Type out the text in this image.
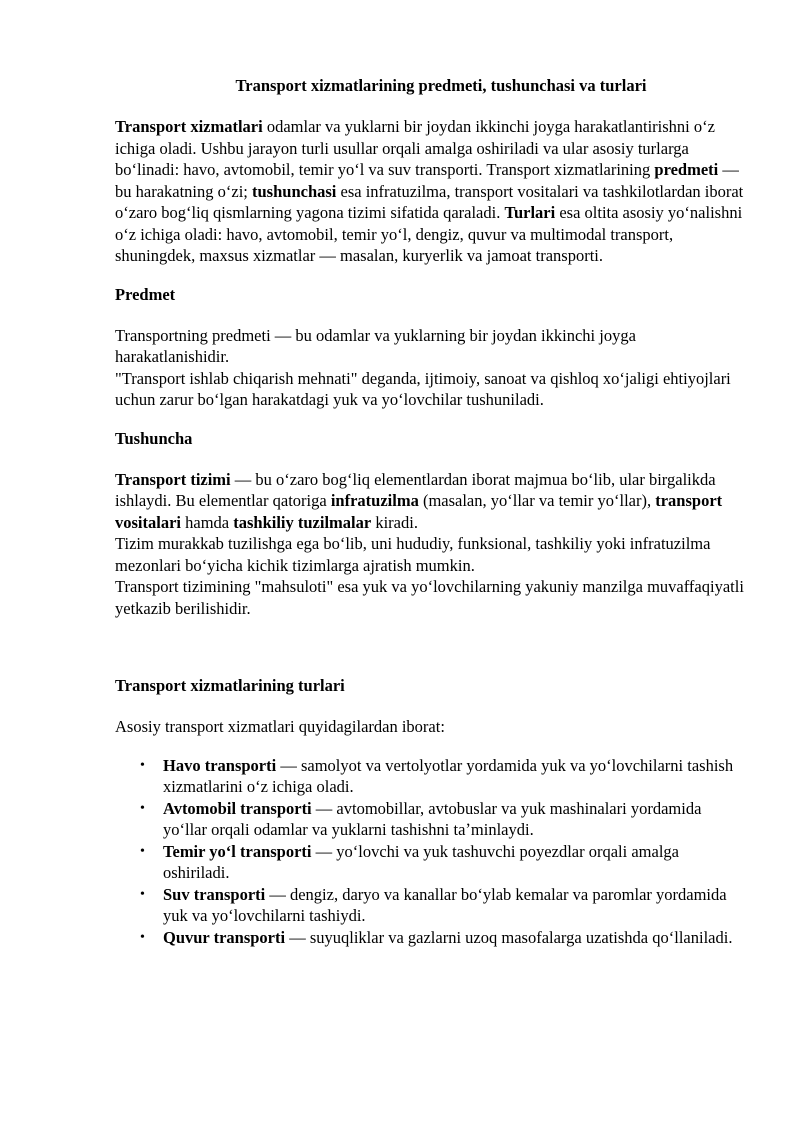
Transport xizmatlarining predmeti, tushunchasi va turlari

Transport xizmatlari odamlar va yuklarni bir joydan ikkinchi joyga harakatlantirishni oʻz ichiga oladi. Ushbu jarayon turli usullar orqali amalga oshiriladi va ular asosiy turlarga boʻlinadi: havo, avtomobil, temir yoʻl va suv transporti. Transport xizmatlarining predmeti — bu harakatning oʻzi; tushunchasi esa infratuzilma, transport vositalari va tashkilotlardan iborat oʻzaro bogʻliq qismlarning yagona tizimi sifatida qaraladi. Turlari esa oltita asosiy yoʻnalishni oʻz ichiga oladi: havo, avtomobil, temir yoʻl, dengiz, quvur va multimodal transport, shuningdek, maxsus xizmatlar — masalan, kuryerlik va jamoat transporti.

Predmet

Transportning predmeti — bu odamlar va yuklarning bir joydan ikkinchi joyga harakatlanishidir.

"Transport ishlab chiqarish mehnati" deganda, ijtimoiy, sanoat va qishloq xoʻjaligi ehtiyojlari uchun zarur boʻlgan harakatdagi yuk va yoʻlovchilar tushuniladi.

Tushuncha

Transport tizimi — bu oʻzaro bogʻliq elementlardan iborat majmua boʻlib, ular birgalikda ishlaydi. Bu elementlar qatoriga infratuzilma (masalan, yoʻllar va temir yoʻllar), transport vositalari hamda tashkiliy tuzilmalar kiradi.

Tizim murakkab tuzilishga ega boʻlib, uni hududiy, funksional, tashkiliy yoki infratuzilma mezonlari boʻyicha kichik tizimlarga ajratish mumkin.

Transport tizimining "mahsuloti" esa yuk va yoʻlovchilarning yakuniy manzilga muvaffaqiyatli yetkazib berilishidir.

Transport xizmatlarining turlari

Asosiy transport xizmatlari quyidagilardan iborat:

• Havo transporti — samolyot va vertolyotlar yordamida yuk va yoʻlovchilarni tashish xizmatlarini oʻz ichiga oladi.
• Avtomobil transporti — avtomobillar, avtobuslar va yuk mashinalari yordamida yoʻllar orqali odamlar va yuklarni tashishni taʼminlaydi.
• Temir yoʻl transporti — yoʻlovchi va yuk tashuvchi poyezdlar orqali amalga oshiriladi.
• Suv transporti — dengiz, daryo va kanallar boʻylab kemalar va paromlar yordamida yuk va yoʻlovchilarni tashiydi.
• Quvur transporti — suyuqliklar va gazlarni uzoq masofalarga uzatishda qoʻllaniladi.
